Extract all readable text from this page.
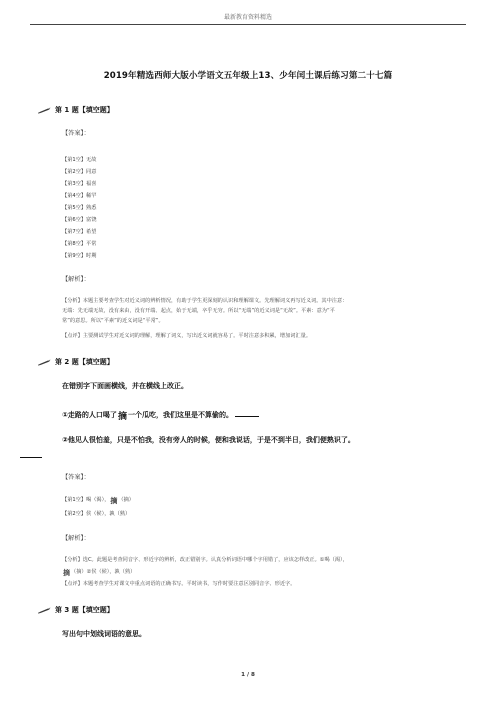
最新教育资料精选
2019年精选西师大版小学语文五年级上13、少年闰土课后练习第二十七篇
第 1 题【填空题】
【答案】：
【第1空】无故
【第2空】同意
【第3空】福喜
【第4空】稀罕
【第5空】熟悉
【第6空】富饶
【第7空】希望
【第8空】平常
【第9空】时期
【解析】：
【分析】本题主要考查学生对近义词的辨析情况，有助于学生更深刻的认识和理解课文。先理解词义再写近义词。其中注意：
无端：先无端无故，没有来由，没有开端、起点，始于无端，卒乎无穷。所以“无端”的近义词是“无故”。平素：意为“平
常”的意思。所以“平素”的近义词是“平常”。
【点评】主要测试学生对近义词的理解，理解了词义，写出近义词就容易了。平时注意多积累，增加词汇量。
第 2 题【填空题】
在错别字下面画横线，并在横线上改正。
①走路的人口喝了摘一个瓜吃，我们这里是不算偷的。
②他见人很怕羞，只是不怕我，没有旁人的时候，便和我说话，于是不到半日，我们便熟识了。
【答案】：
【第1空】喝（渴），摘（摘）
【第2空】侯（候），孰（熟）
【解析】：
【分析】选C。此题是考查同音字、形近字的辨析，改正错别字。认真分析词语中哪个字用错了，应该怎样改正。①喝（渴），
摘（摘）②侯（候），孰（熟）
【点评】本题考查学生对课文中重点词语的正确书写。平时读书，写作时要注意区别同音字、形近字。
第 3 题【填空题】
写出句中划线词语的意思。
1 / 8
